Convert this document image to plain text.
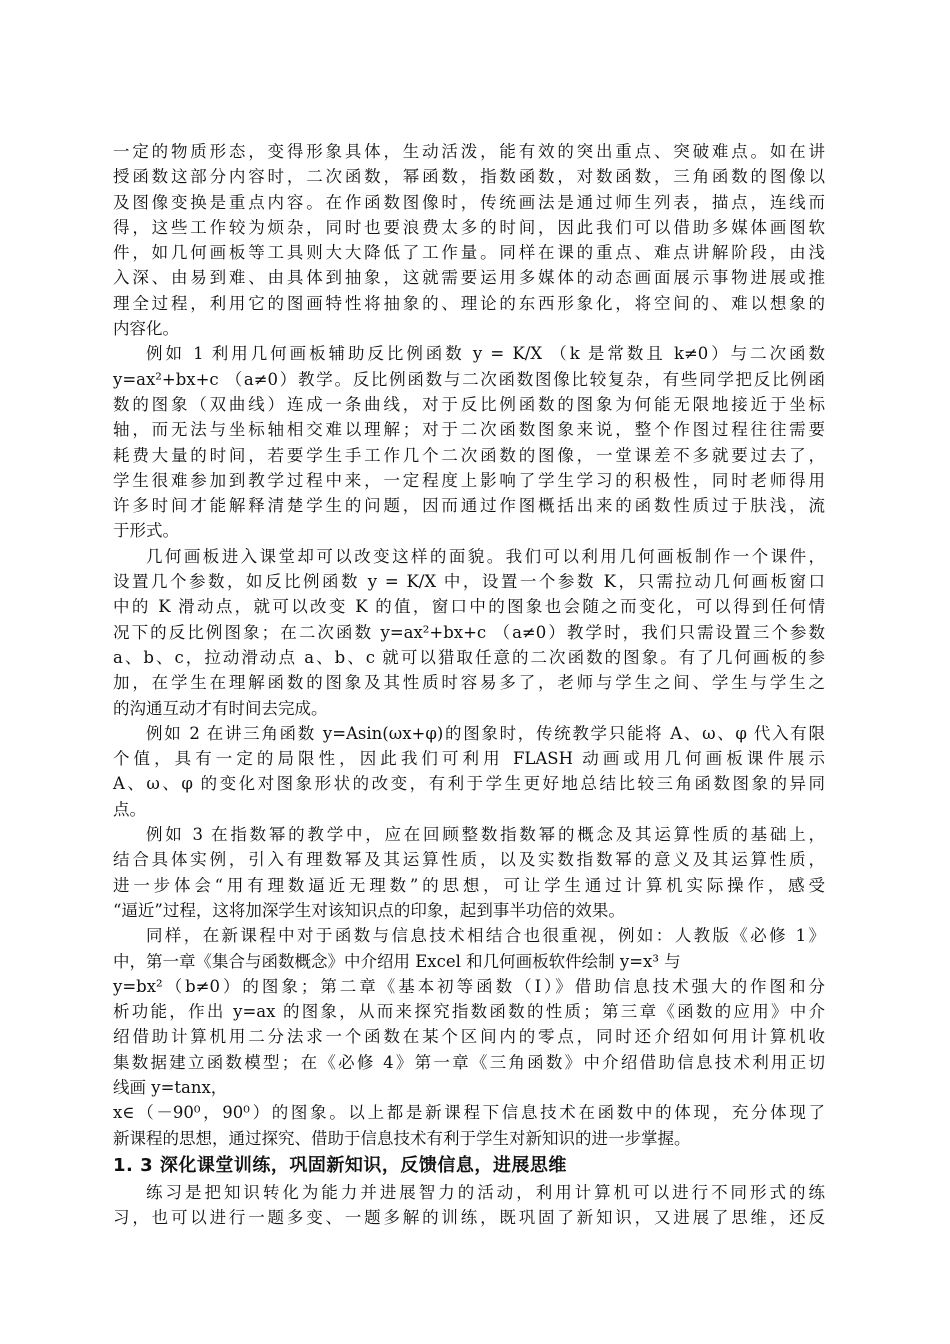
一定的物质形态，变得形象具体，生动活泼，能有效的突出重点、突破难点。如在讲
授函数这部分内容时，二次函数，幂函数，指数函数，对数函数，三角函数的图像以
及图像变换是重点内容。在作函数图像时，传统画法是通过师生列表，描点，连线而
得，这些工作较为烦杂，同时也要浪费太多的时间，因此我们可以借助多媒体画图软
件，如几何画板等工具则大大降低了工作量。同样在课的重点、难点讲解阶段，由浅
入深、由易到难、由具体到抽象，这就需要运用多媒体的动态画面展示事物进展或推
理全过程，利用它的图画特性将抽象的、理论的东西形象化，将空间的、难以想象的
内容化。
例如 1 利用几何画板辅助反比例函数 y = K/X （k 是常数且 k≠0）与二次函数
y=ax²+bx+c （a≠0）教学。反比例函数与二次函数图像比较复杂，有些同学把反比例函
数的图象（双曲线）连成一条曲线，对于反比例函数的图象为何能无限地接近于坐标
轴，而无法与坐标轴相交难以理解；对于二次函数图象来说，整个作图过程往往需要
耗费大量的时间，若要学生手工作几个二次函数的图像，一堂课差不多就要过去了，
学生很难参加到教学过程中来，一定程度上影响了学生学习的积极性，同时老师得用
许多时间才能解释清楚学生的问题，因而通过作图概括出来的函数性质过于肤浅，流
于形式。
几何画板进入课堂却可以改变这样的面貌。我们可以利用几何画板制作一个课件，
设置几个参数，如反比例函数 y = K/X 中，设置一个参数 K，只需拉动几何画板窗口
中的 K 滑动点，就可以改变 K 的值，窗口中的图象也会随之而变化，可以得到任何情
况下的反比例图象；在二次函数 y=ax²+bx+c （a≠0）教学时，我们只需设置三个参数
a、b、c，拉动滑动点 a、b、c 就可以猎取任意的二次函数的图象。有了几何画板的参
加，在学生在理解函数的图象及其性质时容易多了，老师与学生之间、学生与学生之
的沟通互动才有时间去完成。
例如 2 在讲三角函数 y=Asin(ωx+φ)的图象时，传统教学只能将 A、ω、φ 代入有限
个值，具有一定的局限性，因此我们可利用 FLASH 动画或用几何画板课件展示
A、ω、φ 的变化对图象形状的改变，有利于学生更好地总结比较三角函数图象的异同
点。
例如 3 在指数幂的教学中，应在回顾整数指数幂的概念及其运算性质的基础上，
结合具体实例，引入有理数幂及其运算性质，以及实数指数幂的意义及其运算性质，
进一步体会“用有理数逼近无理数”的思想，可让学生通过计算机实际操作，感受
“逼近”过程，这将加深学生对该知识点的印象，起到事半功倍的效果。
同样，在新课程中对于函数与信息技术相结合也很重视，例如：人教版《必修 1》
中，第一章《集合与函数概念》中介绍用 Excel 和几何画板软件绘制 y=x³ 与
y=bx²（b≠0）的图象；第二章《基本初等函数（Ⅰ）》借助信息技术强大的作图和分
析功能，作出 y=ax 的图象，从而来探究指数函数的性质；第三章《函数的应用》中介
绍借助计算机用二分法求一个函数在某个区间内的零点，同时还介绍如何用计算机收
集数据建立函数模型；在《必修 4》第一章《三角函数》中介绍借助信息技术利用正切
线画 y=tanx，
x∈（－90⁰，90⁰）的图象。以上都是新课程下信息技术在函数中的体现，充分体现了
新课程的思想，通过探究、借助于信息技术有利于学生对新知识的进一步掌握。
1. 3 深化课堂训练，巩固新知识，反馈信息，进展思维
练习是把知识转化为能力并进展智力的活动，利用计算机可以进行不同形式的练
习，也可以进行一题多变、一题多解的训练，既巩固了新知识，又进展了思维，还反
